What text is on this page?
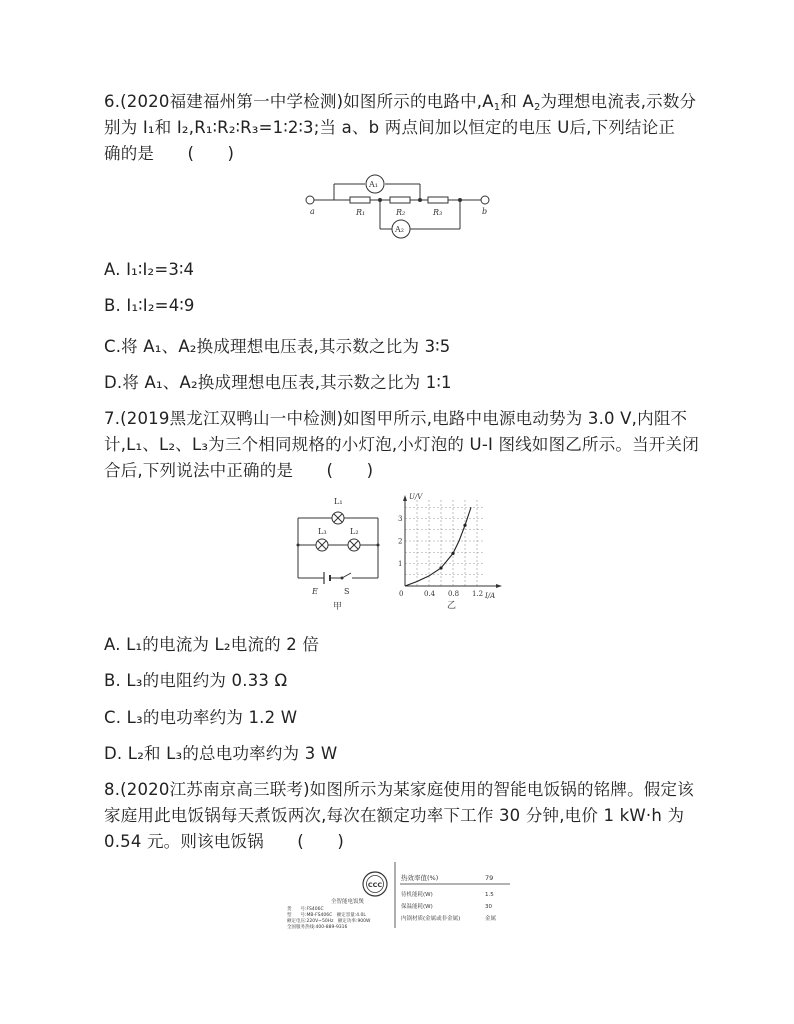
6.(2020福建福州第一中学检测)如图所示的电路中$,A_1$和 $A_2$为理想电流表,示数分
别为 I₁和 I₂,R₁∶R₂∶R₃=1∶2∶3;当 a、b 两点间加以恒定的电压 U后,下列结论正
确的是　　(　　)
A₁
A₂
a	b
R₁	R₂	R₃
A. I₁∶I₂=3∶4
B. I₁∶I₂=4∶9
C.将 A₁、A₂换成理想电压表,其示数之比为 3∶5
D.将 A₁、A₂换成理想电压表,其示数之比为 1∶1
7.(2019黑龙江双鸭山一中检测)如图甲所示,电路中电源电动势为 3.0 V,内阻不
计,L₁、L₂、L₃为三个相同规格的小灯泡,小灯泡的 U-I 图线如图乙所示。当开关闭
合后,下列说法中正确的是　　(　　)
L₁
L₃	L₂
E	S
甲
0.4 0.8 1.2
1
2
3
U/V
I/A
0
乙
A. L₁的电流为 L₂电流的 2 倍
B. L₃的电阻约为 0.33 Ω
C. L₃的电功率约为 1.2 W
D. L₂和 L₃的总电功率约为 3 W
8.(2020江苏南京高三联考)如图所示为某家庭使用的智能电饭锅的铭牌。假定该
家庭用此电饭锅每天煮饭两次,每次在额定功率下工作 30 分钟,电价 1 kW·h 为
0.54 元。则该电饭锅　　(　　)
CCC
全智能电饭煲
货　　号:FS406C
型　　号:MB-FS406C　额定容量:4.0L
额定电压:220V~50Hz　额定功率:900W
全国服务热线:400-889-9316
热效率值(%)	79
待机能耗(W)	1.5
保温能耗(W)	30
内锅材质(金属或非金属)	金属
